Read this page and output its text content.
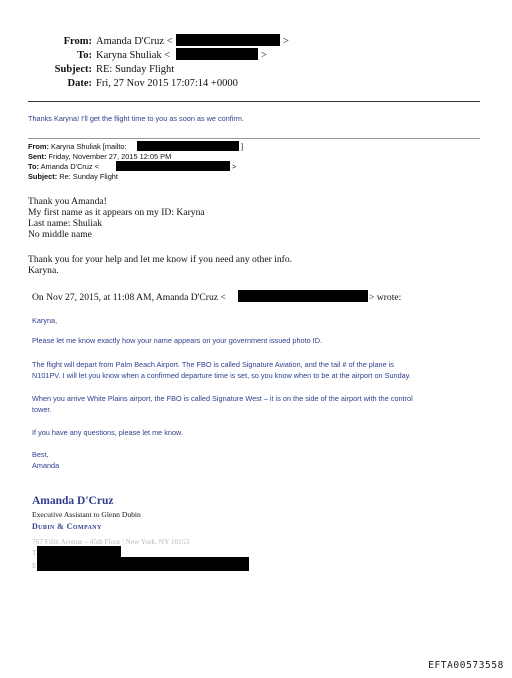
From: Amanda D'Cruz <	>
To: Karyna Shuliak <	>
Subject: RE: Sunday Flight
Date: Fri, 27 Nov 2015 17:07:14 +0000
Thanks Karyna! I'll get the flight time to you as soon as we confirm.
From: Karyna Shuliak [mailto:	]
Sent: Friday, November 27, 2015 12:05 PM
To: Amanda D'Cruz <	>
Subject: Re: Sunday Flight
Thank you Amanda!
My first name as it appears on my ID: Karyna
Last name: Shuliak
No middle name
Thank you for your help and let me know if you need any other info.
Karyna.
On Nov 27, 2015, at 11:08 AM, Amanda D'Cruz <	> wrote:
Karyna,
Please let me know exactly how your name appears on your government issued photo ID.
The flight will depart from Palm Beach Airport. The FBO is called Signature Aviation, and the tail # of the plane is
N101PV. I will let you know when a confirmed departure time is set, so you know when to be at the airport on Sunday.
When you arrive White Plains airport, the FBO is called Signature West – it is on the side of the airport with the control
tower.
If you have any questions, please let me know.
Best,
Amanda
Amanda D'Cruz
Executive Assistant to Glenn Dubin
Dubin & Company
767 Fifth Avenue – 45th Floor | New York, NY 10153
T
E
EFTA00573558
